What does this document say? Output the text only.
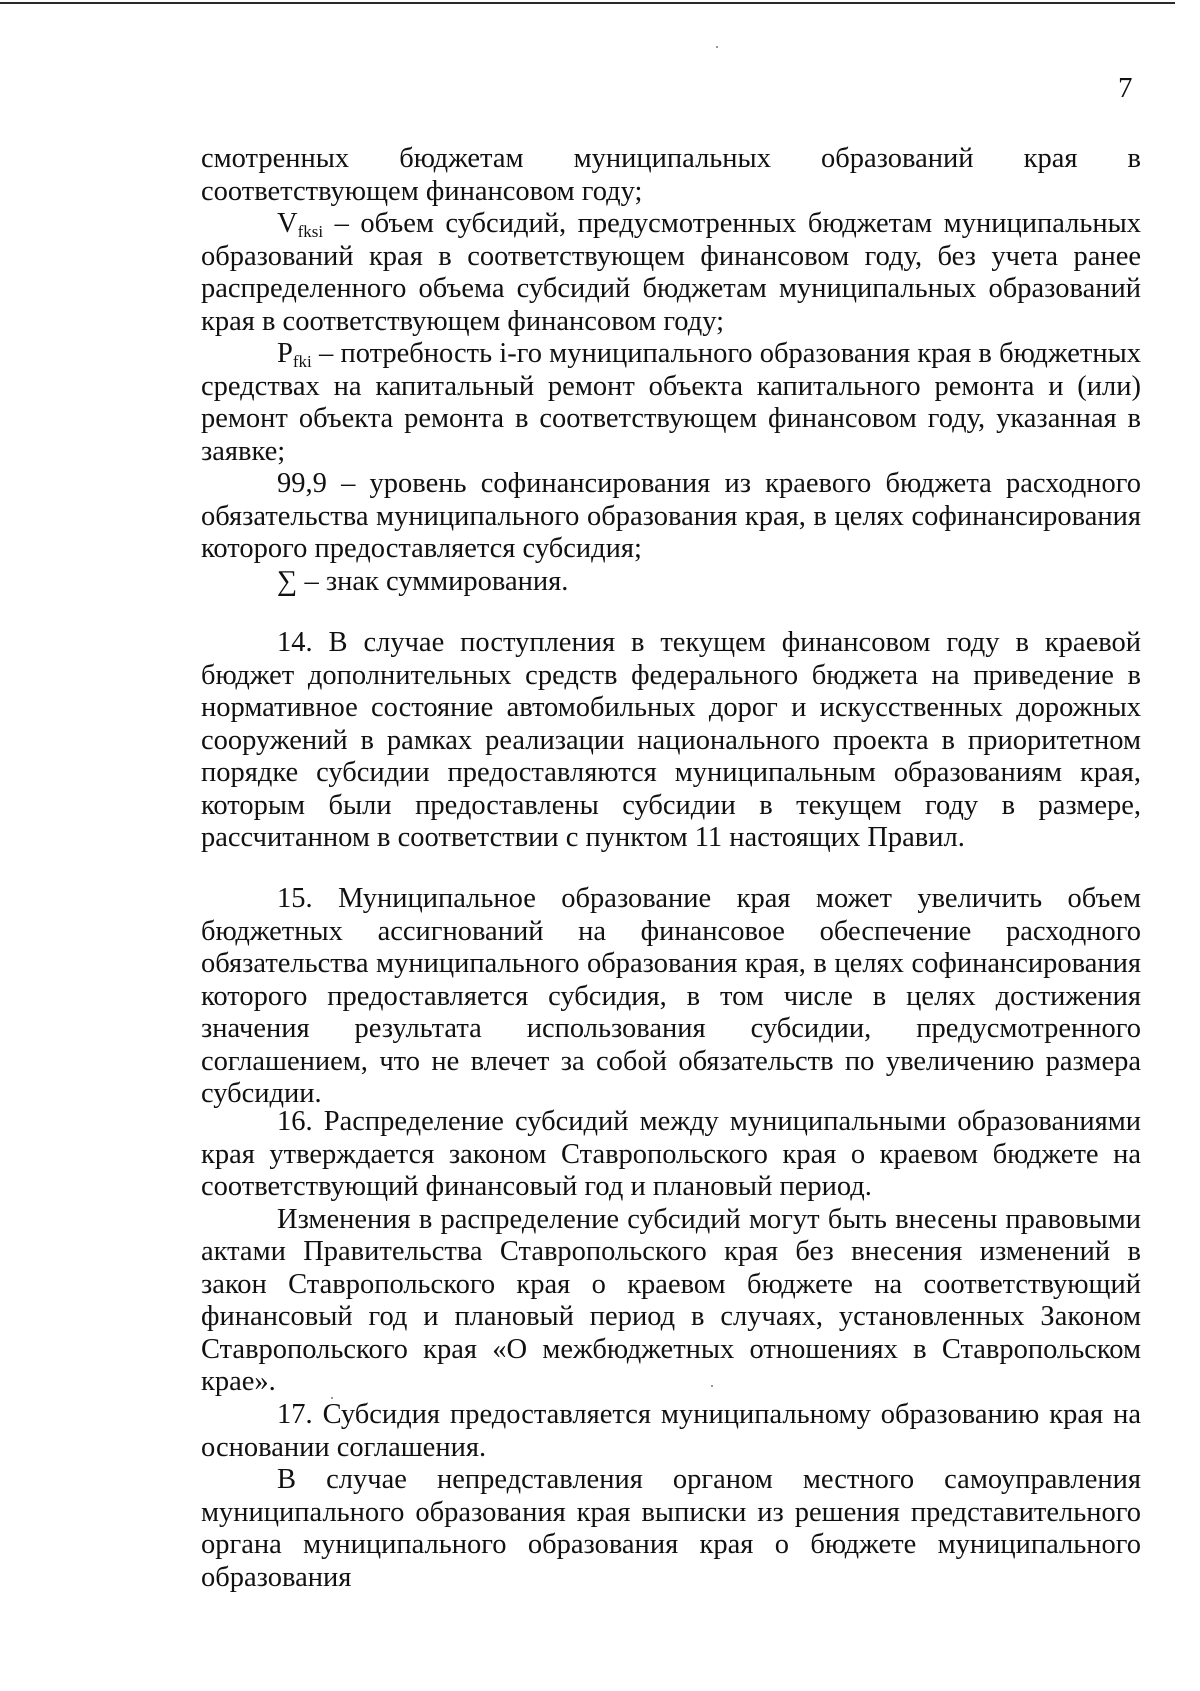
7

смотренных бюджетам муниципальных образований края в соответствующем финансовом году;

$V_{fksi}$ – объем субсидий, предусмотренных бюджетам муниципальных образований края в соответствующем финансовом году, без учета ранее распределенного объема субсидий бюджетам муниципальных образований края в соответствующем финансовом году;

$P_{fki}$ – потребность i-го муниципального образования края в бюджетных средствах на капитальный ремонт объекта капитального ремонта и (или) ремонт объекта ремонта в соответствующем финансовом году, указанная в заявке;

99,9 – уровень софинансирования из краевого бюджета расходного обязательства муниципального образования края, в целях софинансирования которого предоставляется субсидия;

∑ – знак суммирования.

14. В случае поступления в текущем финансовом году в краевой бюджет дополнительных средств федерального бюджета на приведение в нормативное состояние автомобильных дорог и искусственных дорожных сооружений в рамках реализации национального проекта в приоритетном порядке субсидии предоставляются муниципальным образованиям края, которым были предоставлены субсидии в текущем году в размере, рассчитанном в соответствии с пунктом 11 настоящих Правил.

15. Муниципальное образование края может увеличить объем бюджетных ассигнований на финансовое обеспечение расходного обязательства муниципального образования края, в целях софинансирования которого предоставляется субсидия, в том числе в целях достижения значения результата использования субсидии, предусмотренного соглашением, что не влечет за собой обязательств по увеличению размера субсидии.

16. Распределение субсидий между муниципальными образованиями края утверждается законом Ставропольского края о краевом бюджете на соответствующий финансовый год и плановый период.

Изменения в распределение субсидий могут быть внесены правовыми актами Правительства Ставропольского края без внесения изменений в закон Ставропольского края о краевом бюджете на соответствующий финансовый год и плановый период в случаях, установленных Законом Ставропольского края «О межбюджетных отношениях в Ставропольском крае».

17. Субсидия предоставляется муниципальному образованию края на основании соглашения.

В случае непредставления органом местного самоуправления муниципального образования края выписки из решения представительного органа муниципального образования края о бюджете муниципального образования
